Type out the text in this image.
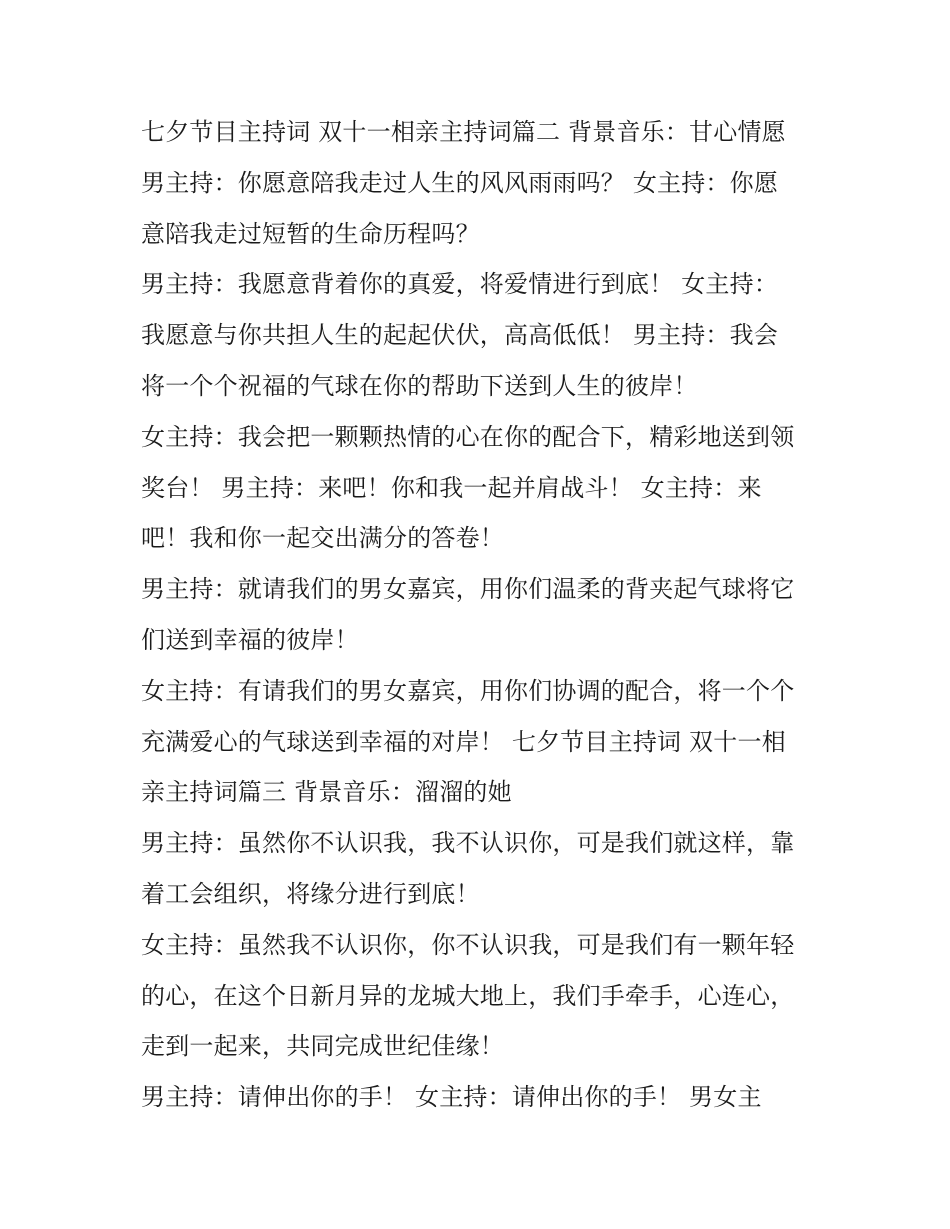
七夕节目主持词 双十一相亲主持词篇二 背景音乐：甘心情愿
男主持：你愿意陪我走过人生的风风雨雨吗？ 女主持：你愿
意陪我走过短暂的生命历程吗？
男主持：我愿意背着你的真爱，将爱情进行到底！ 女主持：
我愿意与你共担人生的起起伏伏，高高低低！ 男主持：我会
将一个个祝福的气球在你的帮助下送到人生的彼岸！
女主持：我会把一颗颗热情的心在你的配合下，精彩地送到领
奖台！ 男主持：来吧！你和我一起并肩战斗！ 女主持：来
吧！我和你一起交出满分的答卷！
男主持：就请我们的男女嘉宾，用你们温柔的背夹起气球将它
们送到幸福的彼岸！
女主持：有请我们的男女嘉宾，用你们协调的配合，将一个个
充满爱心的气球送到幸福的对岸！ 七夕节目主持词 双十一相
亲主持词篇三 背景音乐：溜溜的她
男主持：虽然你不认识我，我不认识你，可是我们就这样，靠
着工会组织，将缘分进行到底！
女主持：虽然我不认识你，你不认识我，可是我们有一颗年轻
的心，在这个日新月异的龙城大地上，我们手牵手，心连心，
走到一起来，共同完成世纪佳缘！
男主持：请伸出你的手！ 女主持：请伸出你的手！ 男女主
